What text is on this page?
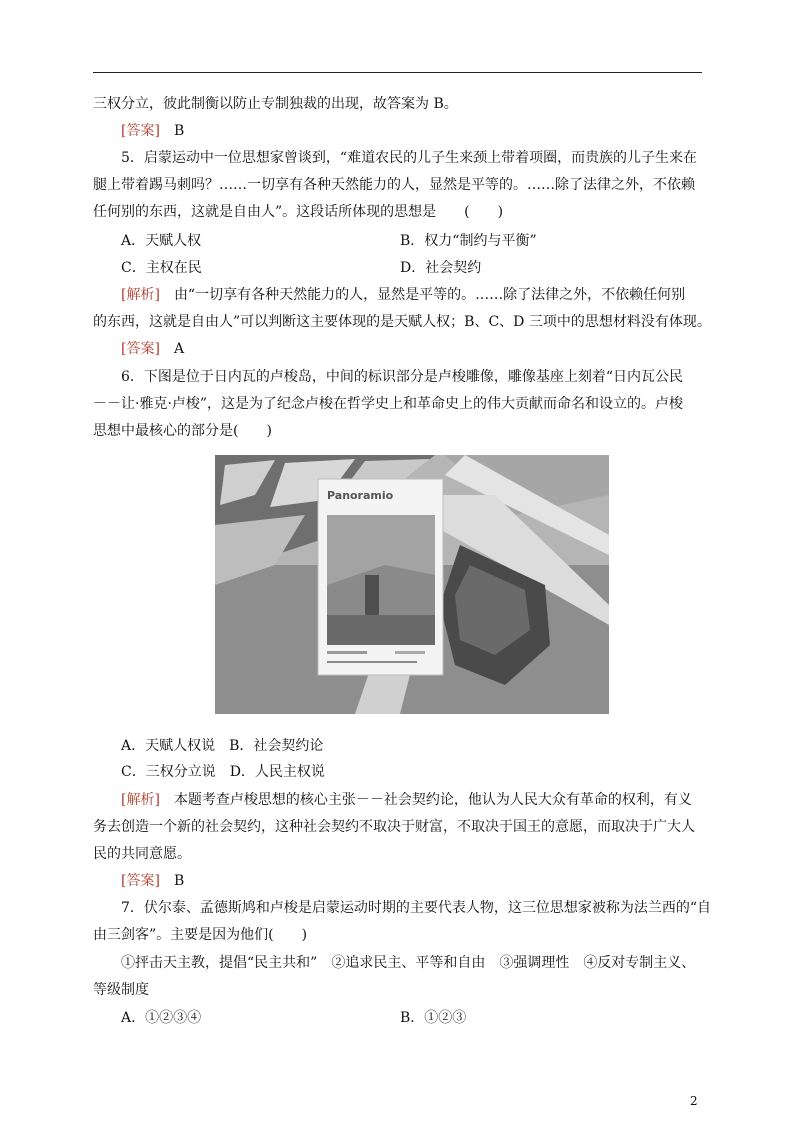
三权分立，彼此制衡以防止专制独裁的出现，故答案为 B。
[答案]　 B
5．启蒙运动中一位思想家曾谈到，“难道农民的儿子生来颈上带着项圈，而贵族的儿子生来在
腿上带着踢马刺吗？……一切享有各种天然能力的人，显然是平等的。……除了法律之外，不依赖
任何别的东西，这就是自由人”。这段话所体现的思想是　　(　　)
A．天赋人权	B．权力“制约与平衡”
C．主权在民	D．社会契约
[解析]　 由“一切享有各种天然能力的人，显然是平等的。……除了法律之外，不依赖任何别
的东西，这就是自由人”可以判断这主要体现的是天赋人权；B、C、D 三项中的思想材料没有体现。
[答案]　 A
6．下图是位于日内瓦的卢梭岛，中间的标识部分是卢梭雕像，雕像基座上刻着“日内瓦公民
－－让·雅克·卢梭”，这是为了纪念卢梭在哲学史上和革命史上的伟大贡献而命名和设立的。卢梭
思想中最核心的部分是(　　)
Panoramio
A．天赋人权说　B．社会契约论
C．三权分立说　D．人民主权说
[解析]　 本题考查卢梭思想的核心主张－－社会契约论，他认为人民大众有革命的权利，有义
务去创造一个新的社会契约，这种社会契约不取决于财富，不取决于国王的意愿，而取决于广大人
民的共同意愿。
[答案]　 B
7．伏尔泰、孟德斯鸠和卢梭是启蒙运动时期的主要代表人物，这三位思想家被称为法兰西的“自
由三剑客”。主要是因为他们(　　)
①抨击天主教，提倡“民主共和”　②追求民主、平等和自由　③强调理性　④反对专制主义、
等级制度
A．①②③④	B．①②③
2
